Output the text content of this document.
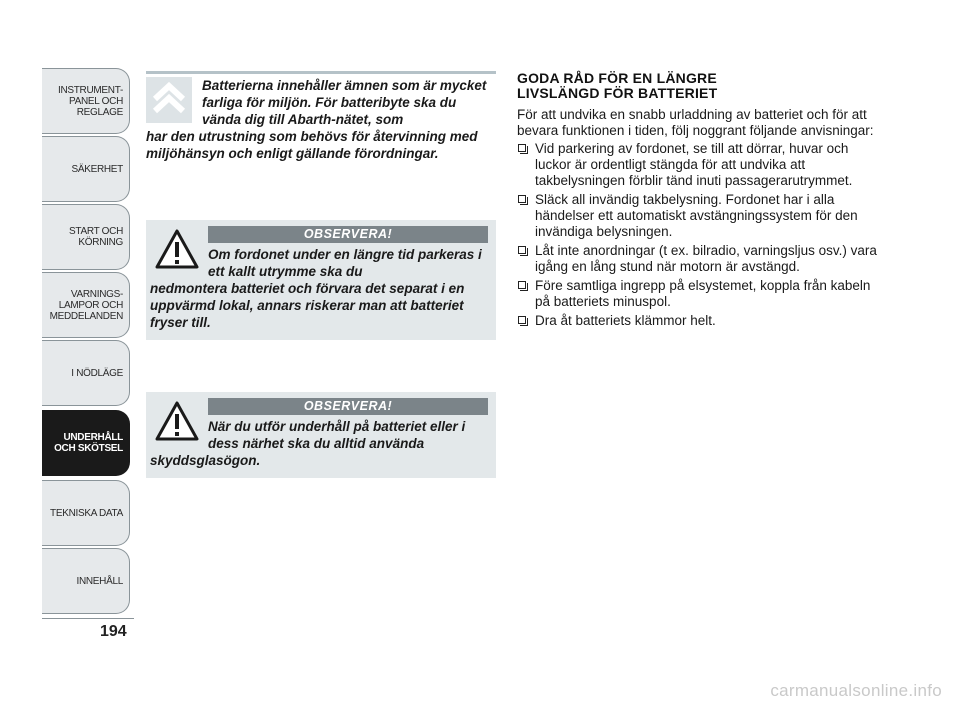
INSTRUMENT-
PANEL OCH
REGLAGE
SÄKERHET
START OCH
KÖRNING
VARNINGS-
LAMPOR OCH
MEDDELANDEN
I NÖDLÄGE
UNDERHÅLL
OCH SKÖTSEL
TEKNISKA DATA
INNEHÅLL
194
Batterierna innehåller ämnen som är mycket farliga för miljön. För batteribyte ska du vända dig till Abarth-nätet, som
har den utrustning som behövs för återvinning med miljöhänsyn och enligt gällande förordningar.
OBSERVERA!
Om fordonet under en längre tid parkeras i ett kallt utrymme ska du
nedmontera batteriet och förvara det separat i en uppvärmd lokal, annars riskerar man att batteriet fryser till.
OBSERVERA!
När du utför underhåll på batteriet eller i dess närhet ska du alltid använda
skyddsglasögon.
GODA RÅD FÖR EN LÄNGRE
LIVSLÄNGD FÖR BATTERIET

För att undvika en snabb urladdning av batteriet och för att bevara funktionen i tiden, följ noggrant följande anvisningar:

Vid parkering av fordonet, se till att dörrar, huvar och luckor är ordentligt stängda för att undvika att takbelysningen förblir tänd inuti passagerarutrymmet.
Släck all invändig takbelysning. Fordonet har i alla händelser ett automatiskt avstängningssystem för den invändiga belysningen.
Låt inte anordningar (t ex. bilradio, varningsljus osv.) vara igång en lång stund när motorn är avstängd.
Före samtliga ingrepp på elsystemet, koppla från kabeln på batteriets minuspol.
Dra åt batteriets klämmor helt.
carmanualsonline.info
